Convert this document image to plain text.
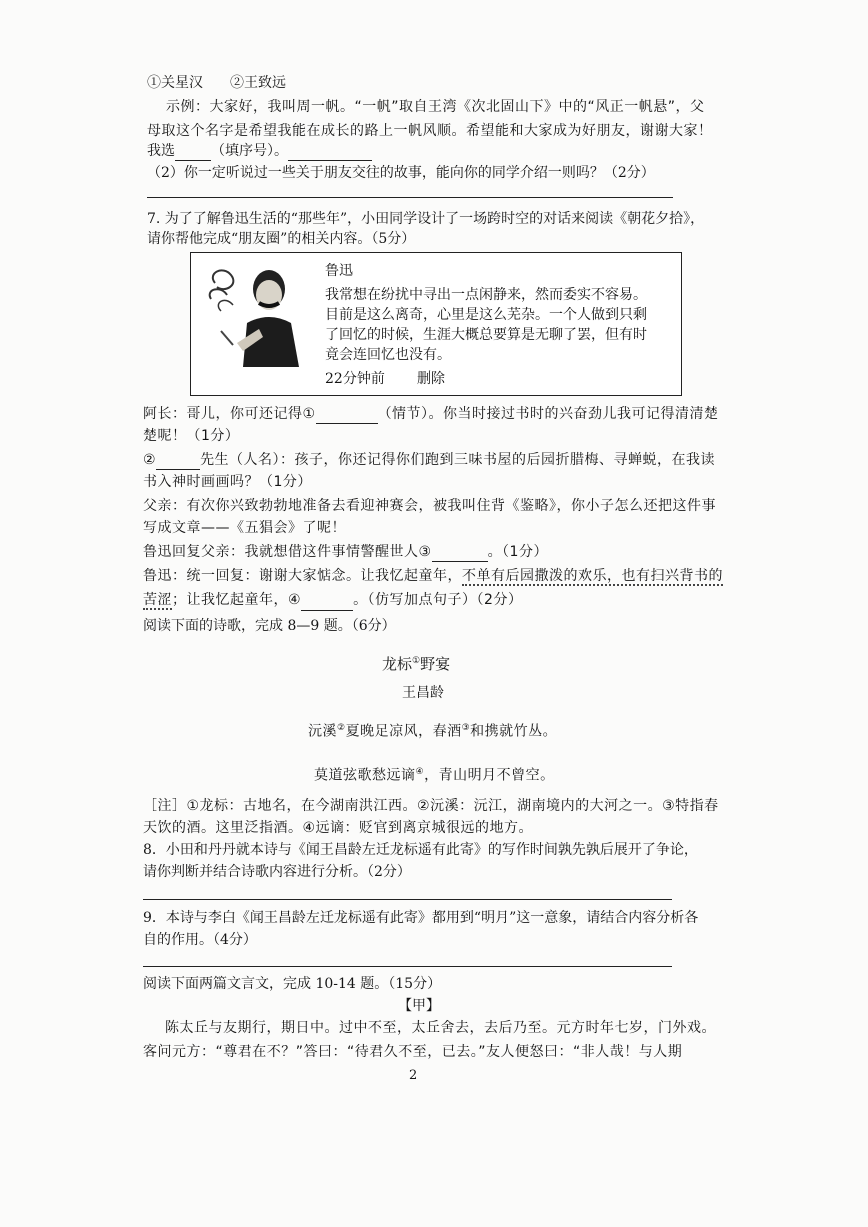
①关星汉 ②王致远
示例：大家好，我叫周一帆。“一帆”取自王湾《次北固山下》中的“风正一帆悬”，父
母取这个名字是希望我能在成长的路上一帆风顺。希望能和大家成为好朋友，谢谢大家！
我选	（填序号）。
（2）你一定听说过一些关于朋友交往的故事，能向你的同学介绍一则吗？（2分）
7. 为了了解鲁迅生活的“那些年”，小田同学设计了一场跨时空的对话来阅读《朝花夕拾》，
请你帮他完成“朋友圈”的相关内容。（5分）
鲁迅
我常想在纷扰中寻出一点闲静来，然而委实不容易。
目前是这么离奇，心里是这么芜杂。一个人做到只剩
了回忆的时候，生涯大概总要算是无聊了罢，但有时
竟会连回忆也没有。
22分钟前 删除
阿长：哥儿，你可还记得①	（情节）。你当时接过书时的兴奋劲儿我可记得清清楚
楚呢！（1分）
②	先生（人名）：孩子，你还记得你们跑到三味书屋的后园折腊梅、寻蝉蜕，在我读
书入神时画画吗？（1分）
父亲：有次你兴致勃勃地准备去看迎神赛会，被我叫住背《鉴略》，你小子怎么还把这件事
写成文章——《五猖会》了呢！
鲁迅回复父亲：我就想借这件事情警醒世人③	。（1分）
鲁迅：统一回复：谢谢大家惦念。让我忆起童年，不单有后园撒泼的欢乐，也有扫兴背书的
苦涩；让我忆起童年，④	。（仿写加点句子）（2分）
阅读下面的诗歌，完成 8—9 题。（6分）
龙标①野宴
王昌龄
沅溪②夏晚足凉风，春酒③和携就竹丛。
莫道弦歌愁远谪④，青山明月不曾空。
［注］①龙标：古地名，在今湖南洪江西。②沅溪：沅江，湖南境内的大河之一。③特指春
天饮的酒。这里泛指酒。④远谪：贬官到离京城很远的地方。
8．小田和丹丹就本诗与《闻王昌龄左迁龙标遥有此寄》的写作时间孰先孰后展开了争论，
请你判断并结合诗歌内容进行分析。（2分）
9．本诗与李白《闻王昌龄左迁龙标遥有此寄》都用到“明月”这一意象，请结合内容分析各
自的作用。（4分）
阅读下面两篇文言文，完成 10-14 题。（15分）
【甲】
陈太丘与友期行，期日中。过中不至，太丘舍去，去后乃至。元方时年七岁，门外戏。
客问元方：“尊君在不？”答曰：“待君久不至，已去。”友人便怒曰：“非人哉！与人期
2
